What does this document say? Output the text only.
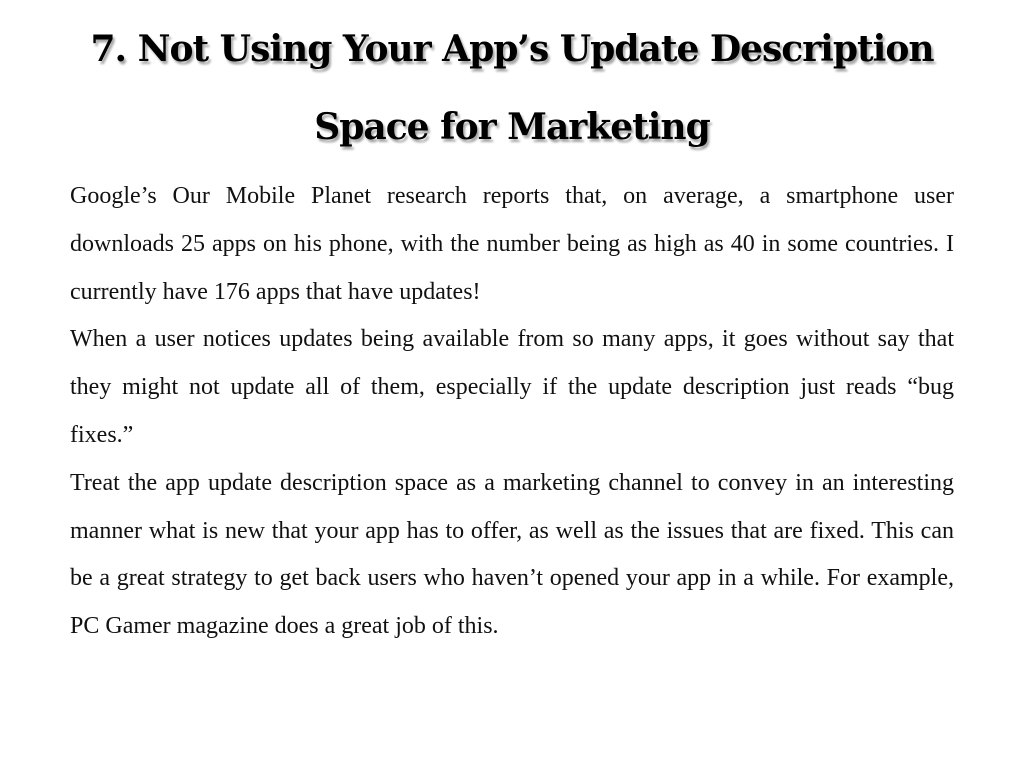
7. Not Using Your App’s Update Description Space for Marketing

Google’s Our Mobile Planet research reports that, on average, a smartphone user downloads 25 apps on his phone, with the number being as high as 40 in some countries. I currently have 176 apps that have updates!

When a user notices updates being available from so many apps, it goes without say that they might not update all of them, especially if the update description just reads “bug fixes.”

Treat the app update description space as a marketing channel to convey in an interesting manner what is new that your app has to offer, as well as the issues that are fixed. This can be a great strategy to get back users who haven’t opened your app in a while. For example, PC Gamer magazine does a great job of this.
